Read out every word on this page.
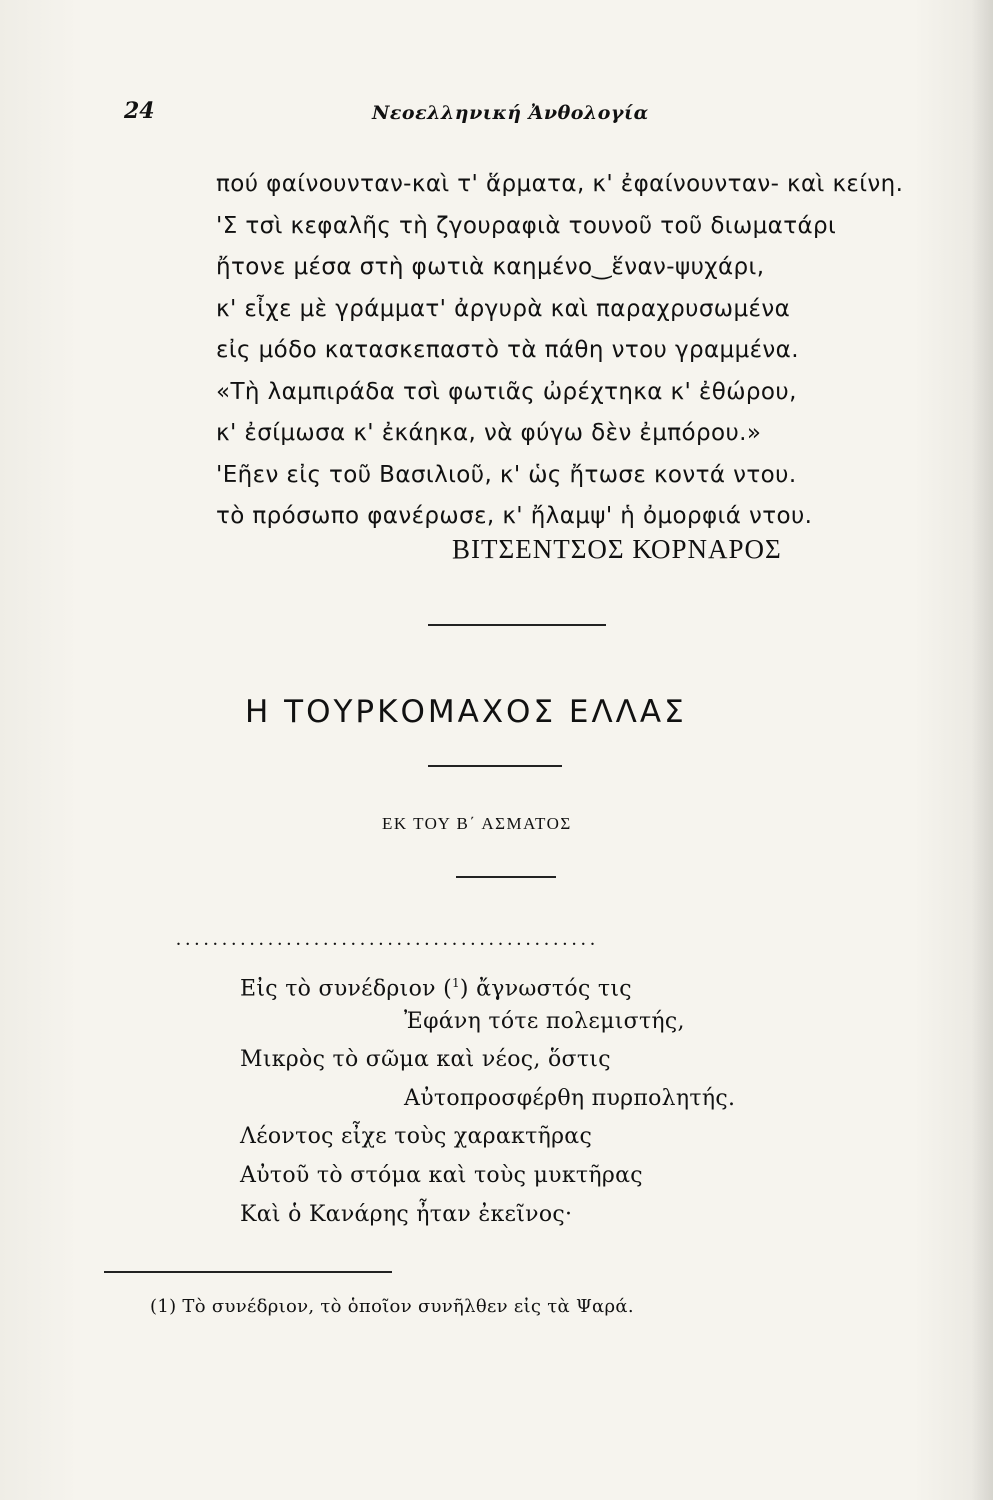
24	Νεοελληνική Ἀνθολογία
πού φαίνουνταν-καὶ τ' ἅρματα, κ' ἐφαίνουνταν- καὶ κείνη.
'Σ τσὶ κεφαλῆς τὴ ζγουραφιὰ τουνοῦ τοῦ διωματάρι
ἤτονε μέσα στὴ φωτιὰ καημένο‿ἕναν-ψυχάρι,
κ' εἶχε μὲ γράμματ' ἀργυρὰ καὶ παραχρυσωμένα
εἰς μόδο κατασκεπαστὸ τὰ πάθη ντου γραμμένα.
«Τὴ λαμπιράδα τσὶ φωτιᾶς ὠρέχτηκα κ' ἐθώρου,
κ' ἐσίμωσα κ' ἐκάηκα, νὰ φύγω δὲν ἐμπόρου.»
'Εῆεν εἰς τοῦ Βασιλιοῦ, κ' ὡς ἤτωσε κοντά ντου.
τὸ πρόσωπο φανέρωσε, κ' ἤλαμψ' ἡ ὀμορφιά ντου.
ΒΙΤΣΕΝΤΣΟΣ ΚΟΡΝΑΡΟΣ
Η ΤΟΥΡΚΟΜΑΧΟΣ ΕΛΛΑΣ
ΕΚ ΤΟΥ Β΄ ΑΣΜΑΤΟΣ
..............................................
Εἰς τὸ συνέδριον ($^1$) ἄγνωστός τις
Ἐφάνη τότε πολεμιστής,
Μικρὸς τὸ σῶμα καὶ νέος, ὅστις
Αὐτοπροσφέρθη πυρπολητής.
Λέοντος εἶχε τοὺς χαρακτῆρας
Αὐτοῦ τὸ στόμα καὶ τοὺς μυκτῆρας
Καὶ ὁ Κανάρης ἦταν ἐκεῖνος·
(1) Τὸ συνέδριον, τὸ ὁποῖον συνῆλθεν εἰς τὰ Ψαρά.
